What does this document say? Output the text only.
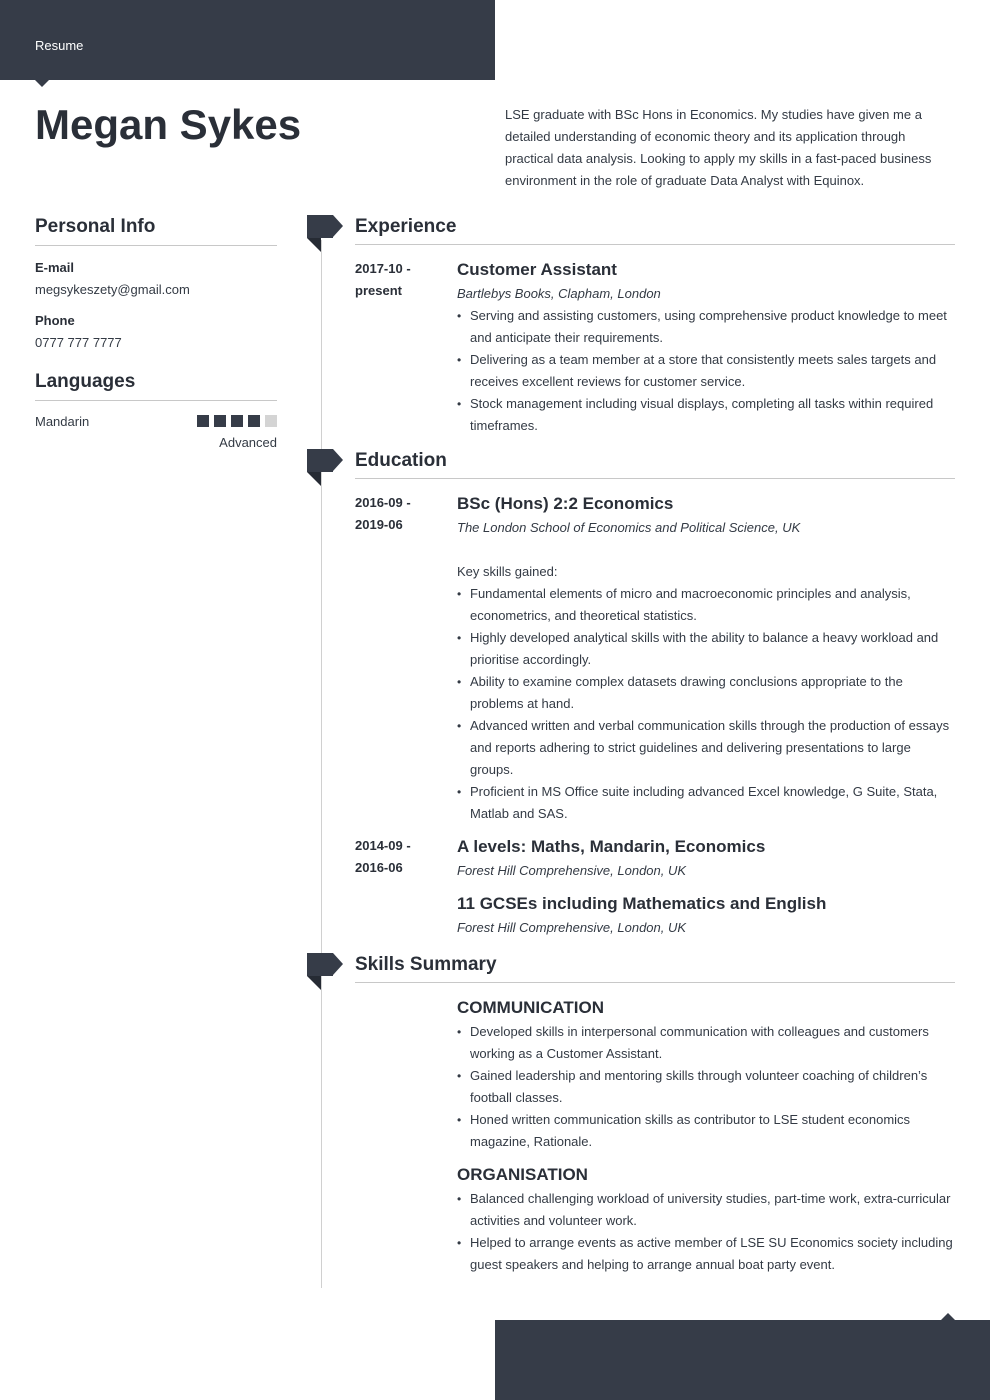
Resume
Megan Sykes	LSE graduate with BSc Hons in Economics. My studies have given me a detailed understanding of economic theory and its application through practical data analysis. Looking to apply my skills in a fast-paced business environment in the role of graduate Data Analyst with Equinox.

Personal Info
E-mail
megsykeszety@gmail.com
Phone
0777 777 7777
Languages
Mandarin
Advanced
Experience
2017-10 -
present
Customer Assistant
Bartlebys Books, Clapham, London
• Serving and assisting customers, using comprehensive product knowledge to meet and anticipate their requirements.
• Delivering as a team member at a store that consistently meets sales targets and receives excellent reviews for customer service.
• Stock management including visual displays, completing all tasks within required timeframes.
Education
2016-09 -
2019-06
BSc (Hons) 2:2 Economics
The London School of Economics and Political Science, UK
Key skills gained:
• Fundamental elements of micro and macroeconomic principles and analysis, econometrics, and theoretical statistics.
• Highly developed analytical skills with the ability to balance a heavy workload and prioritise accordingly.
• Ability to examine complex datasets drawing conclusions appropriate to the problems at hand.
• Advanced written and verbal communication skills through the production of essays and reports adhering to strict guidelines and delivering presentations to large groups.
• Proficient in MS Office suite including advanced Excel knowledge, G Suite, Stata, Matlab and SAS.
2014-09 -
2016-06
A levels: Maths, Mandarin, Economics
Forest Hill Comprehensive, London, UK
11 GCSEs including Mathematics and English
Forest Hill Comprehensive, London, UK
Skills Summary
COMMUNICATION
• Developed skills in interpersonal communication with colleagues and customers working as a Customer Assistant.
• Gained leadership and mentoring skills through volunteer coaching of children’s football classes.
• Honed written communication skills as contributor to LSE student economics magazine, Rationale.
ORGANISATION
• Balanced challenging workload of university studies, part-time work, extra-curricular activities and volunteer work.
• Helped to arrange events as active member of LSE SU Economics society including guest speakers and helping to arrange annual boat party event.
